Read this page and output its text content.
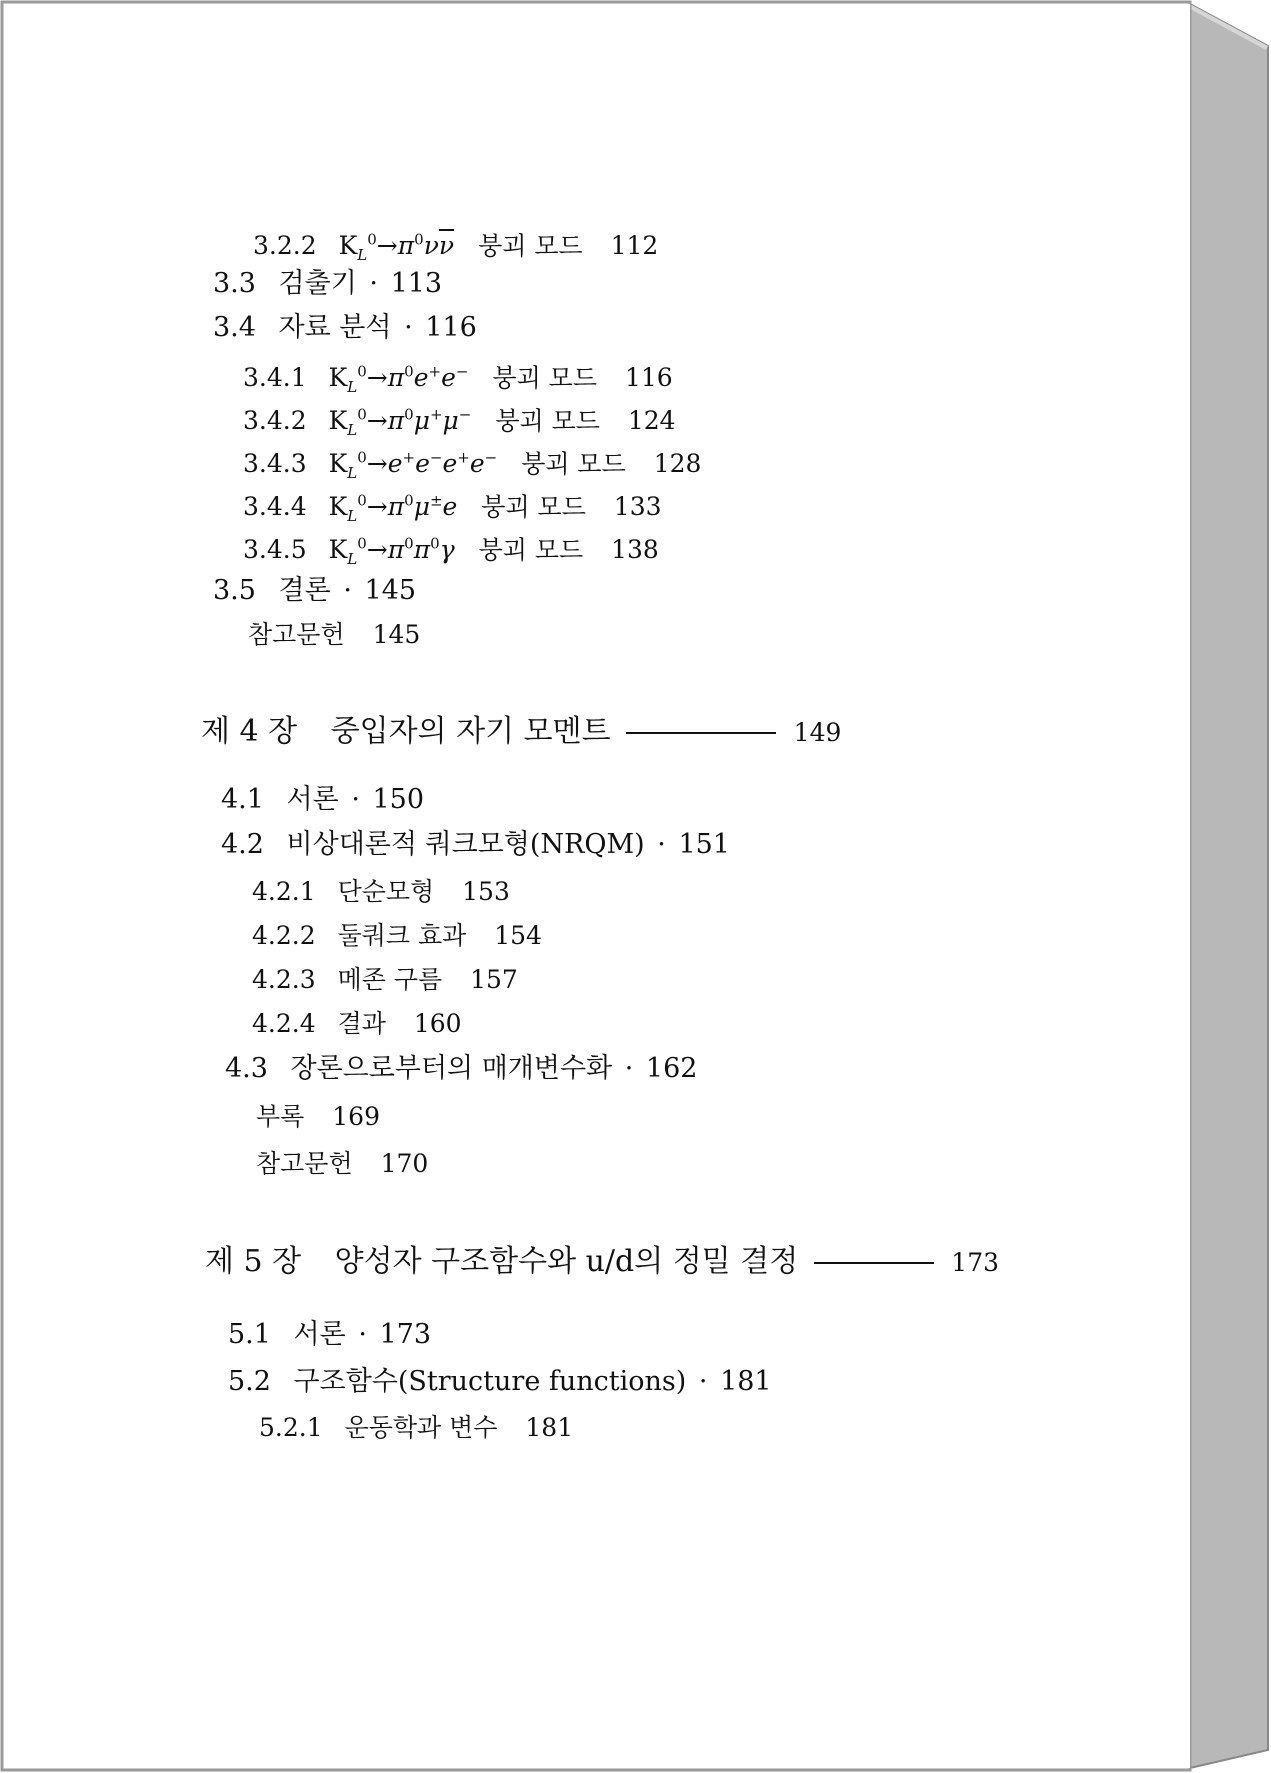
3.2.2 $K_L^0\to\pi^0\nu\overline{\nu}$ 붕괴 모드 112
3.3 검출기 · 113
3.4 자료 분석 · 116
3.4.1 $K_L^0\to\pi^0e^+e^-$ 붕괴 모드 116
3.4.2 $K_L^0\to\pi^0\mu^+\mu^-$ 붕괴 모드 124
3.4.3 $K_L^0\to e^+e^-e^+e^-$ 붕괴 모드 128
3.4.4 $K_L^0\to\pi^0\mu^\pm e$ 붕괴 모드 133
3.4.5 $K_L^0\to\pi^0\pi^0\gamma$ 붕괴 모드 138
3.5 결론 · 145
참고문헌 145
제 4 장 중입자의 자기 모멘트	149
4.1 서론 · 150
4.2 비상대론적 쿼크모형(NRQM) · 151
4.2.1 단순모형 153
4.2.2 둘쿼크 효과 154
4.2.3 메존 구름 157
4.2.4 결과 160
4.3 장론으로부터의 매개변수화 · 162
부록 169
참고문헌 170
제 5 장 양성자 구조함수와 u/d의 정밀 결정	173
5.1 서론 · 173
5.2 구조함수(Structure functions) · 181
5.2.1 운동학과 변수 181
